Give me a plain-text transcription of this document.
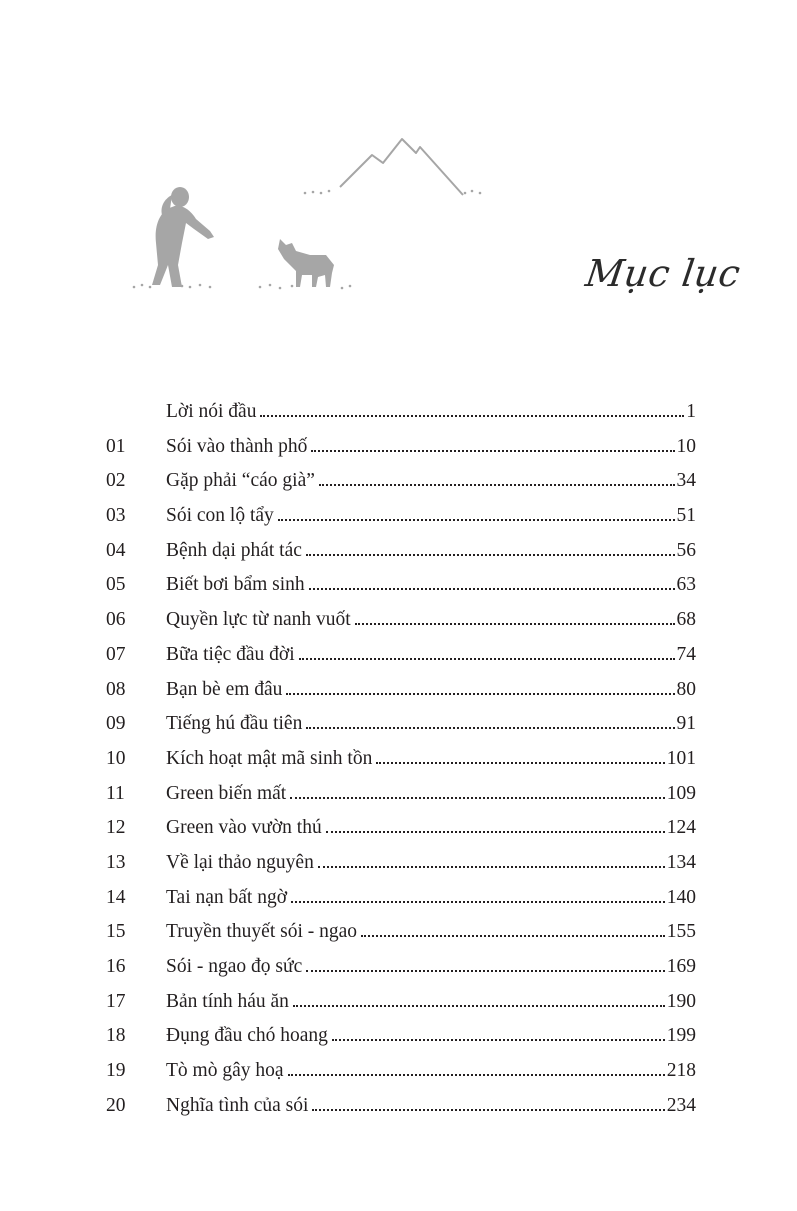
Mục lục
Lời nói đầu	1
01	Sói vào thành phố	10
02	Gặp phải “cáo già”	34
03	Sói con lộ tẩy	51
04	Bệnh dại phát tác	56
05	Biết bơi bẩm sinh	63
06	Quyền lực từ nanh vuốt	68
07	Bữa tiệc đầu đời	74
08	Bạn bè em đâu	80
09	Tiếng hú đầu tiên	91
10	Kích hoạt mật mã sinh tồn	101
11	Green biến mất	109
12	Green vào vườn thú	124
13	Về lại thảo nguyên	134
14	Tai nạn bất ngờ	140
15	Truyền thuyết sói - ngao	155
16	Sói - ngao đọ sức	169
17	Bản tính háu ăn	190
18	Đụng đầu chó hoang	199
19	Tò mò gây hoạ	218
20	Nghĩa tình của sói	234
